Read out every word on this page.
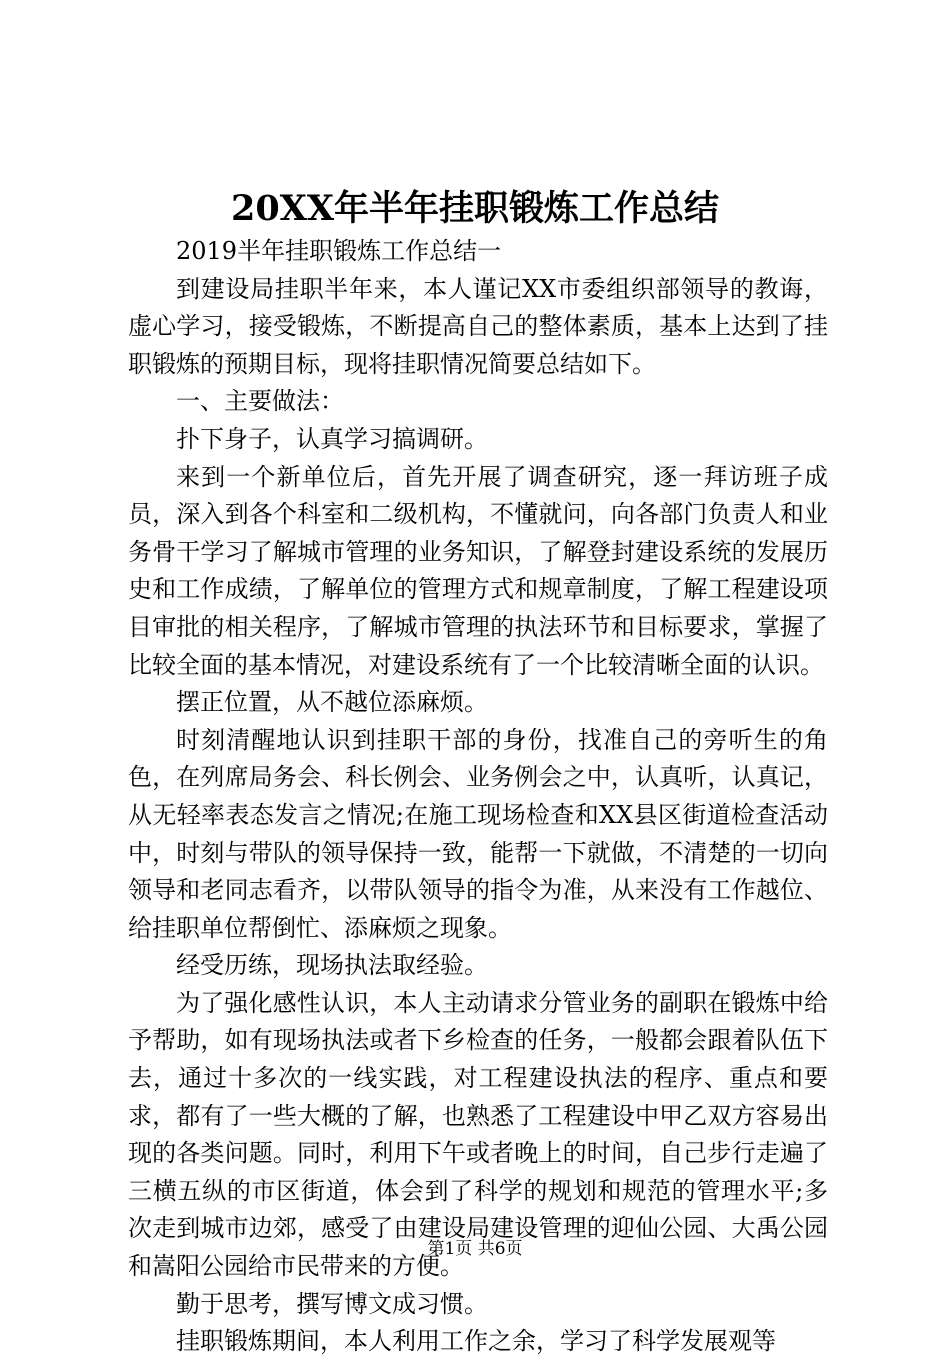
20XX年半年挂职锻炼工作总结

2019半年挂职锻炼工作总结一

到建设局挂职半年来，本人谨记XX市委组织部领导的教诲，虚心学习，接受锻炼，不断提高自己的整体素质，基本上达到了挂职锻炼的预期目标，现将挂职情况简要总结如下。

一、主要做法：

扑下身子，认真学习搞调研。

来到一个新单位后，首先开展了调查研究，逐一拜访班子成员，深入到各个科室和二级机构，不懂就问，向各部门负责人和业务骨干学习了解城市管理的业务知识，了解登封建设系统的发展历史和工作成绩，了解单位的管理方式和规章制度，了解工程建设项目审批的相关程序，了解城市管理的执法环节和目标要求，掌握了比较全面的基本情况，对建设系统有了一个比较清晰全面的认识。

摆正位置，从不越位添麻烦。

时刻清醒地认识到挂职干部的身份，找准自己的旁听生的角色，在列席局务会、科长例会、业务例会之中，认真听，认真记，从无轻率表态发言之情况;在施工现场检查和XX县区街道检查活动中，时刻与带队的领导保持一致，能帮一下就做，不清楚的一切向领导和老同志看齐，以带队领导的指令为准，从来没有工作越位、给挂职单位帮倒忙、添麻烦之现象。

经受历练，现场执法取经验。

为了强化感性认识，本人主动请求分管业务的副职在锻炼中给予帮助，如有现场执法或者下乡检查的任务，一般都会跟着队伍下去，通过十多次的一线实践，对工程建设执法的程序、重点和要求，都有了一些大概的了解，也熟悉了工程建设中甲乙双方容易出现的各类问题。同时，利用下午或者晚上的时间，自己步行走遍了三横五纵的市区街道，体会到了科学的规划和规范的管理水平;多次走到城市边郊，感受了由建设局建设管理的迎仙公园、大禹公园和嵩阳公园给市民带来的方便。

勤于思考，撰写博文成习惯。

挂职锻炼期间，本人利用工作之余，学习了科学发展观等

第1页 共6页
